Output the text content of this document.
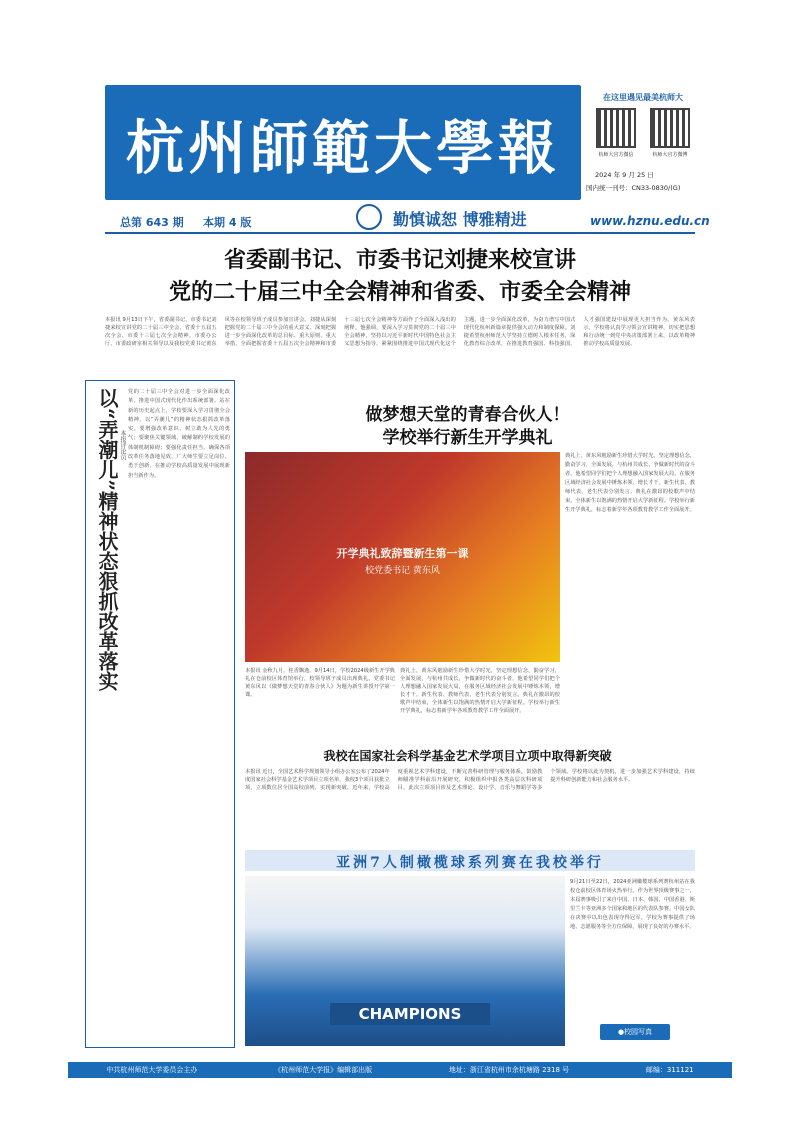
杭州師範大學報
在这里遇见最美杭师大
杭师大官方微信	杭师大官方微博
2024 年 9 月 25 日
国内统一刊号：CN33-0830/(G)
总第 643 期 本期 4 版	勤慎诚恕 博雅精进	www.hznu.edu.cn
省委副书记、市委书记刘捷来校宣讲
党的二十届三中全会精神和省委、市委全会精神
本报讯 9月13日下午，省委副书记、市委书记刘捷来校宣讲党的二十届三中全会、省委十五届五次全会、市委十三届七次全会精神。市委办公厅、市委政研室相关领导以及我校党委书记黄东风等在校领导班子成员参加宣讲会。刘捷从深刻把握党的二十届三中全会的重大意义、深刻把握进一步全面深化改革的总目标、重大原则、重大举措，全面把握省委十五届五次全会精神和市委十三届七次全会精神等方面作了全面深入浅出的阐释。他强调，要深入学习贯彻党的二十届三中全会精神，坚持以习近平新时代中国特色社会主义思想为指导，紧紧围绕推进中国式现代化这个主题，进一步全面深化改革，为奋力谱写中国式现代化杭州新篇章提供强大动力和制度保障。刘捷希望杭州师范大学坚持立德树人根本任务，深化教育综合改革，在推进教育强国、科技强国、人才强国建设中展现更大担当作为。黄东风表示，学校将认真学习领会宣讲精神，切实把思想和行动统一到党中央决策部署上来，以改革精神推动学校高质量发展。
以“弄潮儿”精神状态狠抓改革落实 本报评论员
党的二十届三中全会对进一步全面深化改革、推进中国式现代化作出系统部署。站在新的历史起点上，学校要深入学习贯彻全会精神，以“弄潮儿”的精神状态狠抓改革落实。要增强改革意识，树立敢为人先的勇气；要聚焦关键领域，破解制约学校发展的体制机制障碍；要强化责任担当，确保各项改革任务落地见效。广大师生要立足岗位、勇于创新，在推动学校高质量发展中展现新担当新作为。
做梦想天堂的青春合伙人！
学校举行新生开学典礼
开学典礼致辞暨新生第一课
校党委书记 黄东风
本报讯 金秋九月，桂香飘逸。9月14日，学校2024级新生开学典礼在仓前校区体育馆举行，校领导班子成员出席典礼。党委书记黄东风以《做梦想天堂的青春合伙人》为题为新生讲授开学第一课。
典礼上，黄东风勉励新生珍惜大学时光，坚定理想信念，勤奋学习，全面发展，与杭州共成长，争做新时代的奋斗者。他希望同学们把个人理想融入国家发展大局，在服务区域经济社会发展中锤炼本领、增长才干。新生代表、教师代表、老生代表分别发言。典礼在激昂的校歌声中结束，全体新生以饱满的热情开启大学新征程。学校举行新生开学典礼，标志着新学年各项教育教学工作全面展开。
典礼上，黄东风勉励新生珍惜大学时光，坚定理想信念，勤奋学习，全面发展，与杭州共成长，争做新时代的奋斗者。他希望同学们把个人理想融入国家发展大局，在服务区域经济社会发展中锤炼本领、增长才干。新生代表、教师代表、老生代表分别发言。典礼在激昂的校歌声中结束，全体新生以饱满的热情开启大学新征程。学校举行新生开学典礼，标志着新学年各项教育教学工作全面展开。
我校在国家社会科学基金艺术学项目立项中取得新突破
本报讯 近日，全国艺术科学规划领导小组办公室公布了2024年度国家社会科学基金艺术学项目立项名单，我校3个项目获批立项，立项数位居全国高校前列，实现新突破。近年来，学校高度重视艺术学科建设，不断完善科研管理与服务体系，鼓励教师瞄准学科前沿开展研究，积极组织申报各类高层次科研项目。此次立项项目涉及艺术理论、设计学、音乐与舞蹈学等多个领域。学校将以此为契机，进一步加强艺术学科建设，持续提升科研创新能力和社会服务水平。
亚洲7人制橄榄球系列赛在我校举行
CHAMPIONS
9月21日至22日，2024亚洲橄榄球系列赛杭州站在我校仓前校区体育场火热举行。作为世界顶级赛事之一，本届赛事吸引了来自中国、日本、韩国、中国香港、斯里兰卡等亚洲多个国家和地区的代表队参赛。中国女队在决赛中以出色表现夺得冠军。学校为赛事提供了场地、志愿服务等全方位保障，展现了良好的办赛水平。
●校园写真
中共杭州师范大学委员会主办	《杭州师范大学报》编辑部出版	地址：浙江省杭州市余杭塘路 2318 号	邮编：311121
